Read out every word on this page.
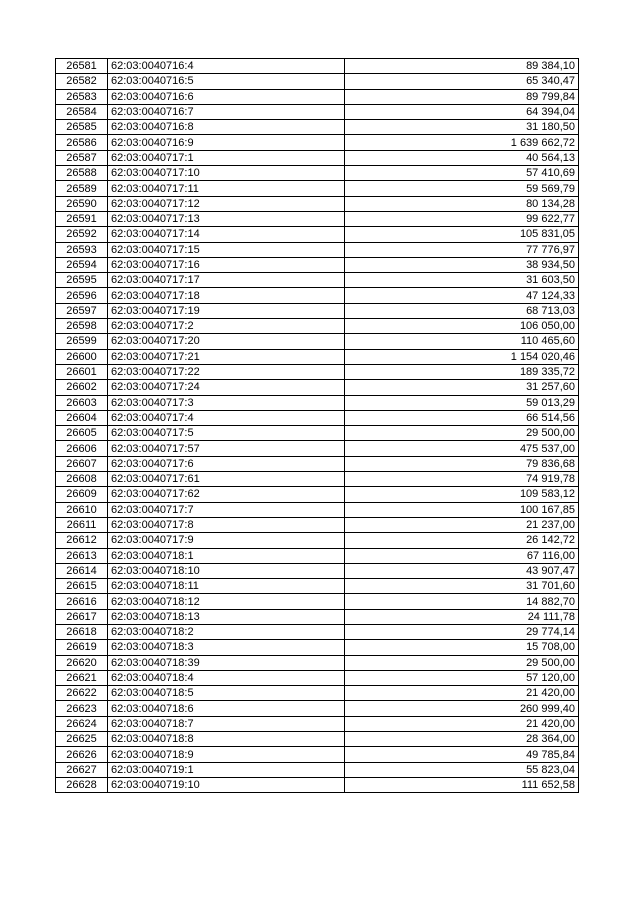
26581	62:03:0040716:4	89 384,10
26582	62:03:0040716:5	65 340,47
26583	62:03:0040716:6	89 799,84
26584	62:03:0040716:7	64 394,04
26585	62:03:0040716:8	31 180,50
26586	62:03:0040716:9	1 639 662,72
26587	62:03:0040717:1	40 564,13
26588	62:03:0040717:10	57 410,69
26589	62:03:0040717:11	59 569,79
26590	62:03:0040717:12	80 134,28
26591	62:03:0040717:13	99 622,77
26592	62:03:0040717:14	105 831,05
26593	62:03:0040717:15	77 776,97
26594	62:03:0040717:16	38 934,50
26595	62:03:0040717:17	31 603,50
26596	62:03:0040717:18	47 124,33
26597	62:03:0040717:19	68 713,03
26598	62:03:0040717:2	106 050,00
26599	62:03:0040717:20	110 465,60
26600	62:03:0040717:21	1 154 020,46
26601	62:03:0040717:22	189 335,72
26602	62:03:0040717:24	31 257,60
26603	62:03:0040717:3	59 013,29
26604	62:03:0040717:4	66 514,56
26605	62:03:0040717:5	29 500,00
26606	62:03:0040717:57	475 537,00
26607	62:03:0040717:6	79 836,68
26608	62:03:0040717:61	74 919,78
26609	62:03:0040717:62	109 583,12
26610	62:03:0040717:7	100 167,85
26611	62:03:0040717:8	21 237,00
26612	62:03:0040717:9	26 142,72
26613	62:03:0040718:1	67 116,00
26614	62:03:0040718:10	43 907,47
26615	62:03:0040718:11	31 701,60
26616	62:03:0040718:12	14 882,70
26617	62:03:0040718:13	24 111,78
26618	62:03:0040718:2	29 774,14
26619	62:03:0040718:3	15 708,00
26620	62:03:0040718:39	29 500,00
26621	62:03:0040718:4	57 120,00
26622	62:03:0040718:5	21 420,00
26623	62:03:0040718:6	260 999,40
26624	62:03:0040718:7	21 420,00
26625	62:03:0040718:8	28 364,00
26626	62:03:0040718:9	49 785,84
26627	62:03:0040719:1	55 823,04
26628	62:03:0040719:10	111 652,58
